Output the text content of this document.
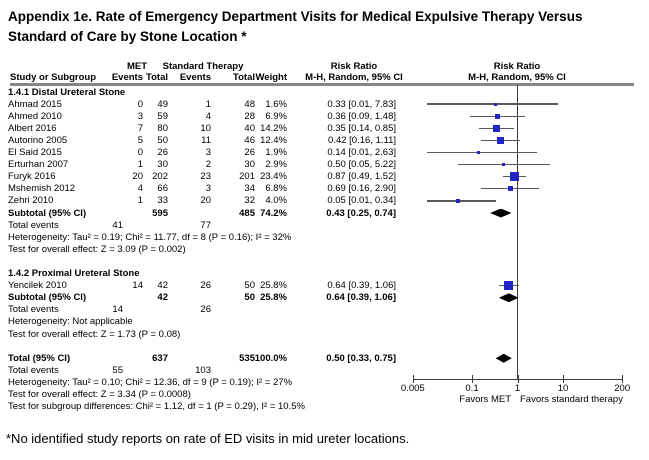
Appendix 1e. Rate of Emergency Department Visits for Medical Expulsive Therapy Versus Standard of Care by Stone Location *
MET Standard Therapy	Risk Ratio	Risk Ratio
Study or Subgroup Events Total Events Total Weight M-H, Random, 95% CI	M-H, Random, 95% CI
Favors MET Favors standard therapy
*No identified study reports on rate of ED visits in mid ureter locations.
1.4.1 Distal Ureteral Stone
Ahmad 2015	0 49	1	48 1.6%	0.33 [0.01, 7.83]
Ahmed 2010	3 59	4	28 6.9%	0.36 [0.09, 1.48]
Albert 2016	7 80	10	40 14.2%	0.35 [0.14, 0.85]
Autorino 2005	5 50	11	46 12.4%	0.42 [0.16, 1.11]
El Said 2015	0 26	3	26 1.9%	0.14 [0.01, 2.63]
Erturhan 2007	1 30	2	30 2.9%	0.50 [0.05, 5.22]
Furyk 2016	20 202	23	201 23.4%	0.87 [0.49, 1.52]
Mshemish 2012	4 66	3	34 6.8%	0.69 [0.16, 2.90]
Zehri 2010	1 33	20	32 4.0%	0.05 [0.01, 0.34]
Subtotal (95% CI)	595	485 74.2%	0.43 [0.25, 0.74]
Total events	41	77
Heterogeneity: Tau² = 0.19; Chi² = 11.77, df = 8 (P = 0.16); I² = 32%
Test for overall effect: Z = 3.09 (P = 0.002)
1.4.2 Proximal Ureteral Stone
Yencilek 2010	14 42	26	50 25.8%	0.64 [0.39, 1.06]
Subtotal (95% CI)	42	50 25.8%	0.64 [0.39, 1.06]
Total events	14	26
Heterogeneity: Not applicable
Test for overall effect: Z = 1.73 (P = 0.08)
Total (95% CI)	637	535 100.0%	0.50 [0.33, 0.75]
Total events	55	103
Heterogeneity: Tau² = 0.10; Chi² = 12.36, df = 9 (P = 0.19); I² = 27%
Test for overall effect: Z = 3.34 (P = 0.0008)
Test for subgroup differences: Chi² = 1.12, df = 1 (P = 0.29), I² = 10.5%
0.005	0.1	1	10	200
